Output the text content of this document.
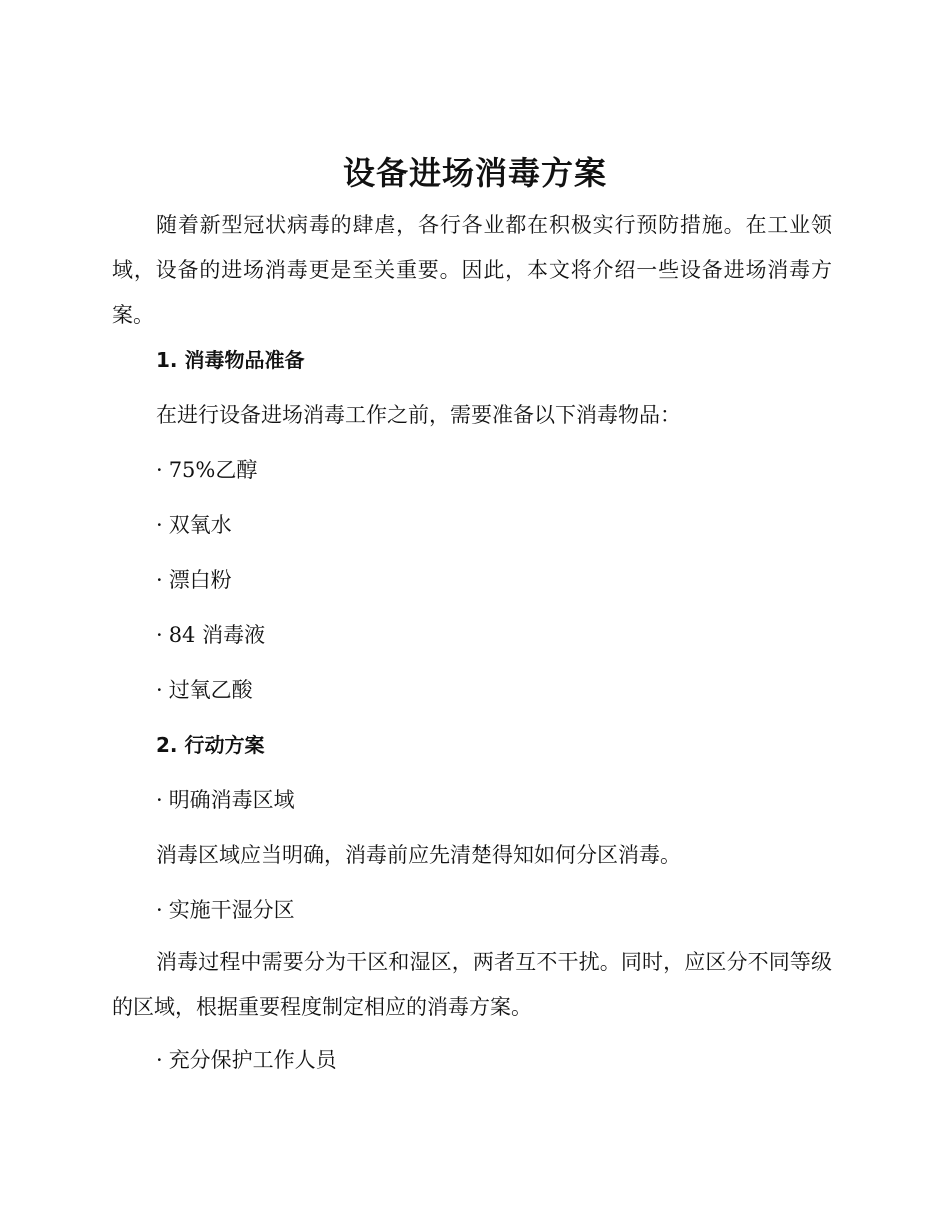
设备进场消毒方案

随着新型冠状病毒的肆虐，各行各业都在积极实行预防措施。在工业领域，设备的进场消毒更是至关重要。因此，本文将介绍一些设备进场消毒方案。

1. 消毒物品准备
在进行设备进场消毒工作之前，需要准备以下消毒物品：
· 75%乙醇
· 双氧水
· 漂白粉
· 84 消毒液
· 过氧乙酸
2. 行动方案
· 明确消毒区域
消毒区域应当明确，消毒前应先清楚得知如何分区消毒。
· 实施干湿分区

消毒过程中需要分为干区和湿区，两者互不干扰。同时，应区分不同等级的区域，根据重要程度制定相应的消毒方案。

· 充分保护工作人员
